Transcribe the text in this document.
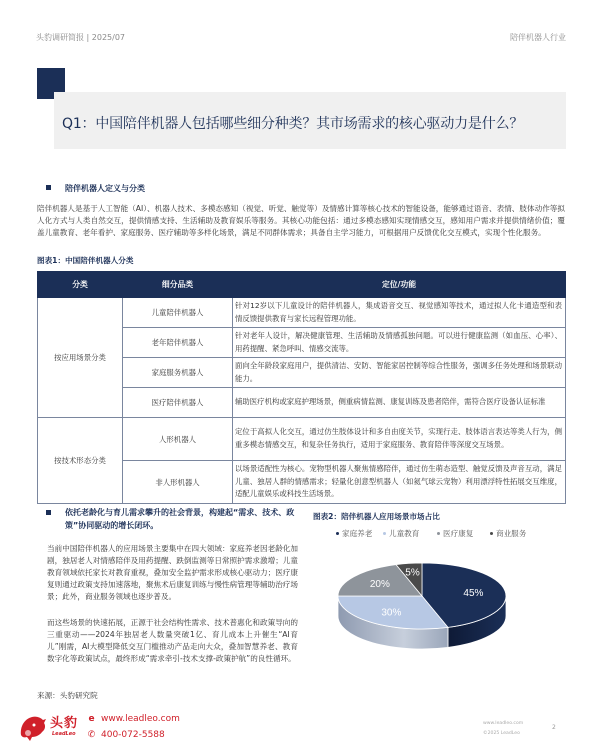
头豹调研简报 | 2025/07	陪伴机器人行业
Q1：中国陪伴机器人包括哪些细分种类？其市场需求的核心驱动力是什么？
陪伴机器人定义与分类
陪伴机器人是基于人工智能（AI）、机器人技术、多模态感知（视觉、听觉、触觉等）及情感计算等核心技术的智能设备，能够通过语音、表情、肢体动作等拟人化方式与人类自然交互，提供情感支持、生活辅助及教育娱乐等服务。其核心功能包括：通过多模态感知实现情感交互，感知用户需求并提供情绪价值；覆盖儿童教育、老年看护、家庭服务、医疗辅助等多样化场景，满足不同群体需求；具备自主学习能力，可根据用户反馈优化交互模式，实现个性化服务。
图表1：中国陪伴机器人分类
分类	细分品类	定位/功能
按应用场景分类	儿童陪伴机器人	针对12岁以下儿童设计的陪伴机器人，集成语音交互、视觉感知等技术，通过拟人化卡通造型和表情反馈提供教育与家长远程管理功能。
	老年陪伴机器人	针对老年人设计，解决健康管理、生活辅助及情感孤独问题。可以进行健康监测（如血压、心率）、用药提醒、紧急呼叫、情感交流等。
	家庭服务机器人	面向全年龄段家庭用户，提供清洁、安防、智能家居控制等综合性服务，强调多任务处理和场景联动能力。
	医疗陪伴机器人	辅助医疗机构或家庭护理场景，侧重病情监测、康复训练及患者陪伴，需符合医疗设备认证标准
按技术形态分类	人形机器人	定位于高拟人化交互，通过仿生肢体设计和多自由度关节，实现行走、肢体语言表达等类人行为，侧重多模态情感交互，和复杂任务执行，适用于家庭服务、教育陪伴等深度交互场景。
	非人形机器人	以场景适配性为核心。宠物型机器人聚焦情感陪伴，通过仿生萌态造型、触觉反馈及声音互动，满足儿童、独居人群的情感需求；轻量化创意型机器人（如氦气球云宠物）利用漂浮特性拓展交互维度，适配儿童娱乐或科技生活场景。
依托老龄化与育儿需求攀升的社会背景，构建起“需求、技术、政策”协同驱动的增长闭环。
当前中国陪伴机器人的应用场景主要集中在四大领域：家庭养老因老龄化加剧，独居老人对情感陪伴及用药提醒、跌倒监测等日常照护需求激增；儿童教育领域依托家长对教育重视，叠加安全监护需求形成核心驱动力；医疗康复则通过政策支持加速落地，聚焦术后康复训练与慢性病管理等辅助治疗场景；此外，商业服务领域也逐步普及。
而这些场景的快速拓展，正源于社会结构性需求、技术普惠化和政策导向的三重驱动——2024年独居老人数量突破1亿、育儿成本上升催生“AI育儿”刚需，AI大模型降低交互门槛推动产品走向大众，叠加智慧养老、教育数字化等政策试点，最终形成“需求牵引-技术支撑-政策护航”的良性循环。
图表2：陪伴机器人应用场景市场占比
家庭养老 儿童教育	医疗康复	商业服务
45%
30%
20%
5%
来源：头豹研究院
头豹
LeadLeo
e www.leadleo.com
✆ 400-072-5588
www.leadleo.com
©2025 LeadLeo
2
